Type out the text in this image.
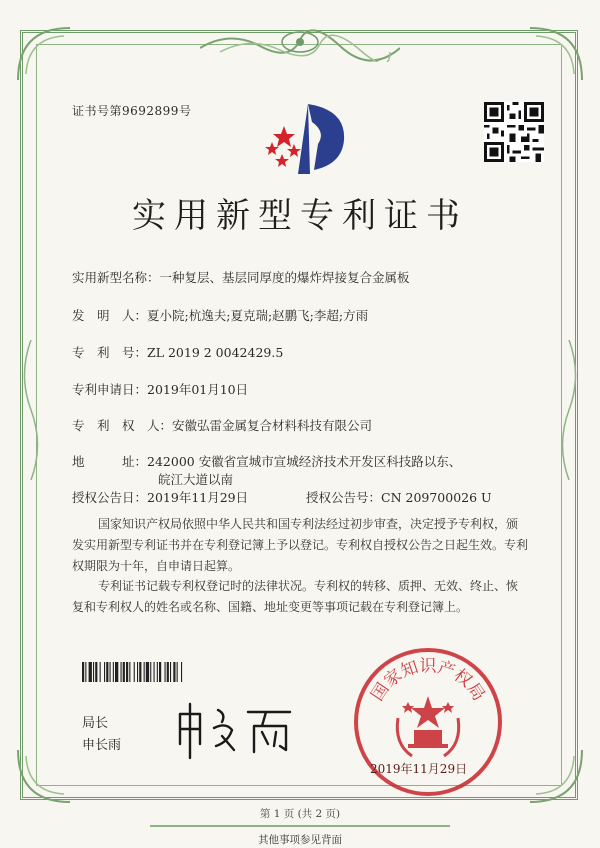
证书号第9692899号
实用新型专利证书
实用新型名称：一种复层、基层同厚度的爆炸焊接复合金属板
发　明　人：夏小院;杭逸夫;夏克瑞;赵鹏飞;李超;方雨
专　利　号：ZL 2019 2 0042429.5
专利申请日：2019年01月10日
专　利　权　人：安徽弘雷金属复合材料科技有限公司
地　　　址：242000 安徽省宣城市宣城经济技术开发区科技路以东、
皖江大道以南
授权公告日：2019年11月29日	授权公告号：CN 209700026 U
国家知识产权局依照中华人民共和国专利法经过初步审查，决定授予专利权，颁发实用新型专利证书并在专利登记簿上予以登记。专利权自授权公告之日起生效。专利权期限为十年，自申请日起算。
专利证书记载专利权登记时的法律状况。专利权的转移、质押、无效、终止、恢复和专利权人的姓名或名称、国籍、地址变更等事项记载在专利登记簿上。
局长
申长雨
国家知识产权局
2019年11月29日
第 1 页 (共 2 页)
其他事项参见背面
